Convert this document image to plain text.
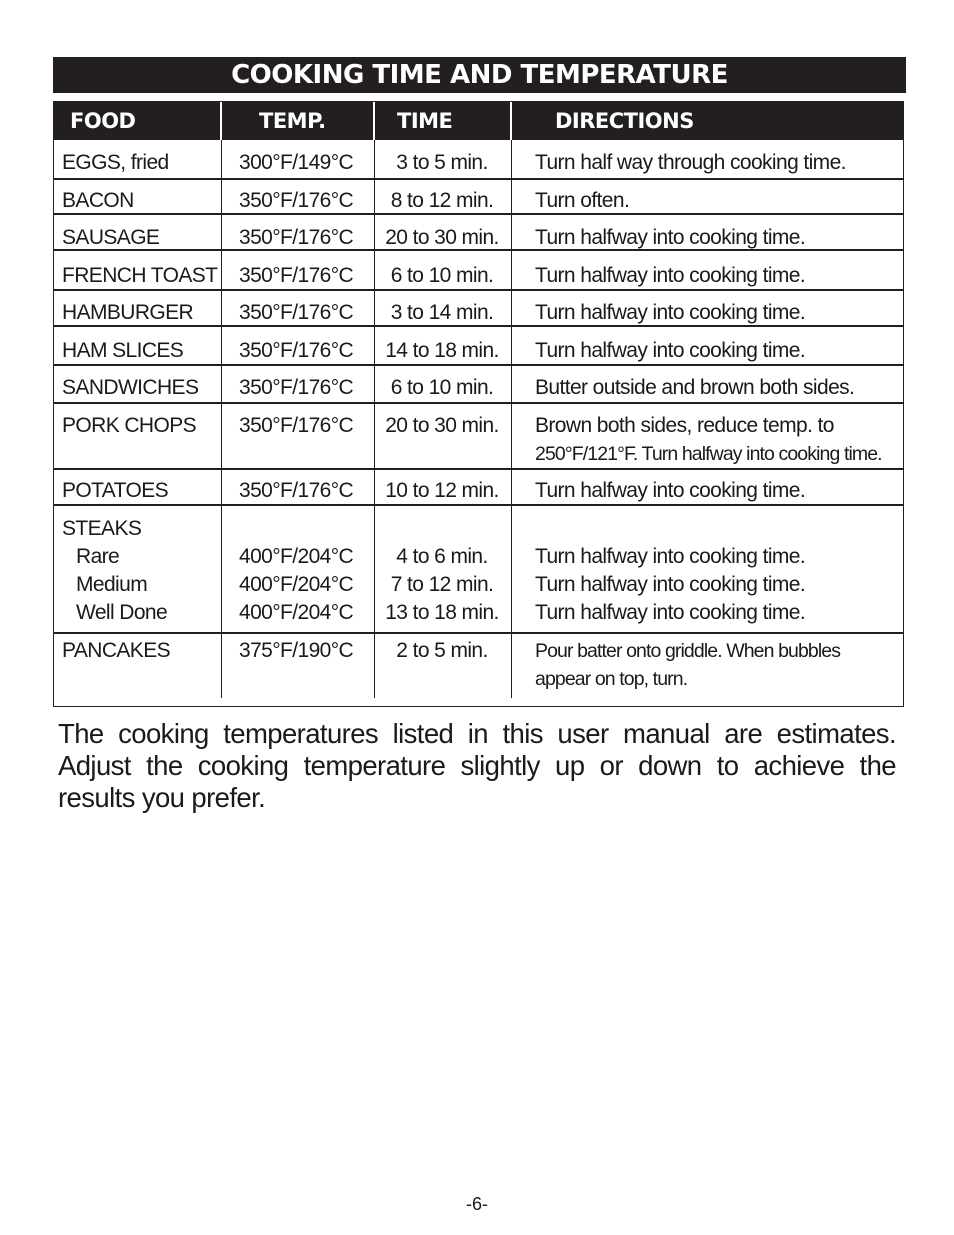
COOKING TIME AND TEMPERATURE
FOOD	TEMP.	TIME	DIRECTIONS
EGGS, fried	300°F/149°C	3 to 5 min.	Turn half way through cooking time.
BACON	350°F/176°C	8 to 12 min.	Turn often.
SAUSAGE	350°F/176°C	20 to 30 min.	Turn halfway into cooking time.
FRENCH TOAST 350°F/176°C	6 to 10 min.	Turn halfway into cooking time.
HAMBURGER 350°F/176°C	3 to 14 min.	Turn halfway into cooking time.
HAM SLICES	350°F/176°C	14 to 18 min.	Turn halfway into cooking time.
SANDWICHES 350°F/176°C	6 to 10 min.	Butter outside and brown both sides.
PORK CHOPS 350°F/176°C	20 to 30 min.	Brown both sides, reduce temp. to
250°F/121°F. Turn halfway into cooking time.
POTATOES	350°F/176°C	10 to 12 min.	Turn halfway into cooking time.
STEAKS
Rare	400°F/204°C	4 to 6 min.	Turn halfway into cooking time.
Medium	400°F/204°C	7 to 12 min.	Turn halfway into cooking time.
Well Done	400°F/204°C	13 to 18 min.	Turn halfway into cooking time.
PANCAKES	375°F/190°C	2 to 5 min.	Pour batter onto griddle. When bubbles
appear on top, turn.
The cooking temperatures listed in this user manual are estimates. Adjust the cooking temperature slightly up or down to achieve the results you prefer.
-6-
